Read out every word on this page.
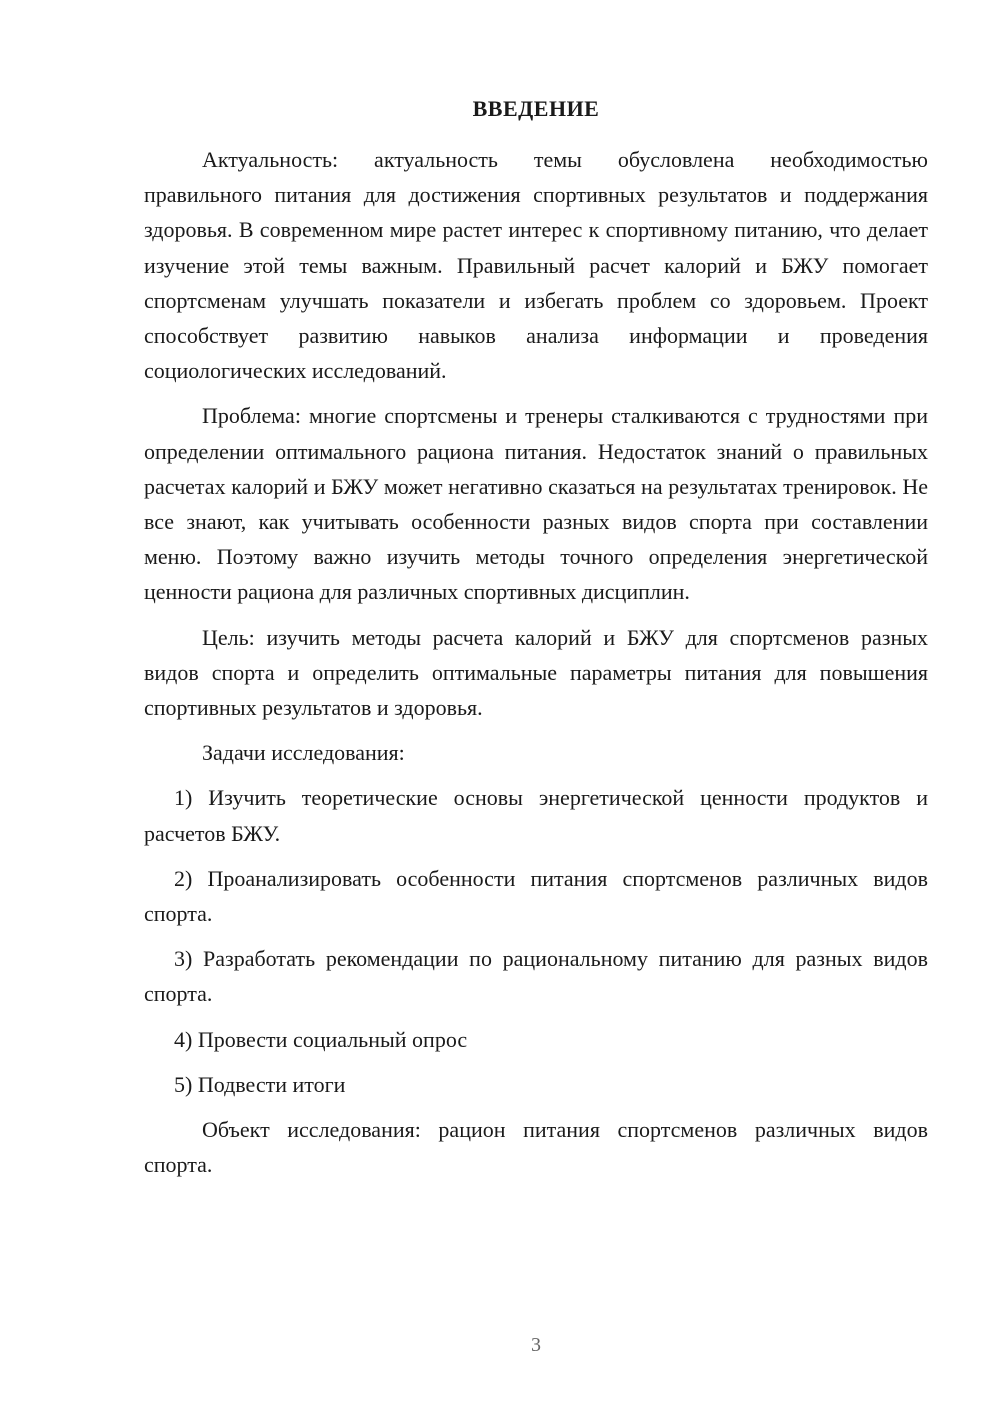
ВВЕДЕНИЕ

Актуальность: актуальность темы обусловлена необходимостью правильного питания для достижения спортивных результатов и поддержания здоровья. В современном мире растет интерес к спортивному питанию, что делает изучение этой темы важным. Правильный расчет калорий и БЖУ помогает спортсменам улучшать показатели и избегать проблем со здоровьем. Проект способствует развитию навыков анализа информации и проведения социологических исследований.

Проблема: многие спортсмены и тренеры сталкиваются с трудностями при определении оптимального рациона питания. Недостаток знаний о правильных расчетах калорий и БЖУ может негативно сказаться на результатах тренировок. Не все знают, как учитывать особенности разных видов спорта при составлении меню. Поэтому важно изучить методы точного определения энергетической ценности рациона для различных спортивных дисциплин.

Цель: изучить методы расчета калорий и БЖУ для спортсменов разных видов спорта и определить оптимальные параметры питания для повышения спортивных результатов и здоровья.

Задачи исследования:

1) Изучить теоретические основы энергетической ценности продуктов и расчетов БЖУ.

2) Проанализировать особенности питания спортсменов различных видов спорта.

3) Разработать рекомендации по рациональному питанию для разных видов спорта.

4) Провести социальный опрос

5) Подвести итоги

Объект исследования: рацион питания спортсменов различных видов спорта.

3
